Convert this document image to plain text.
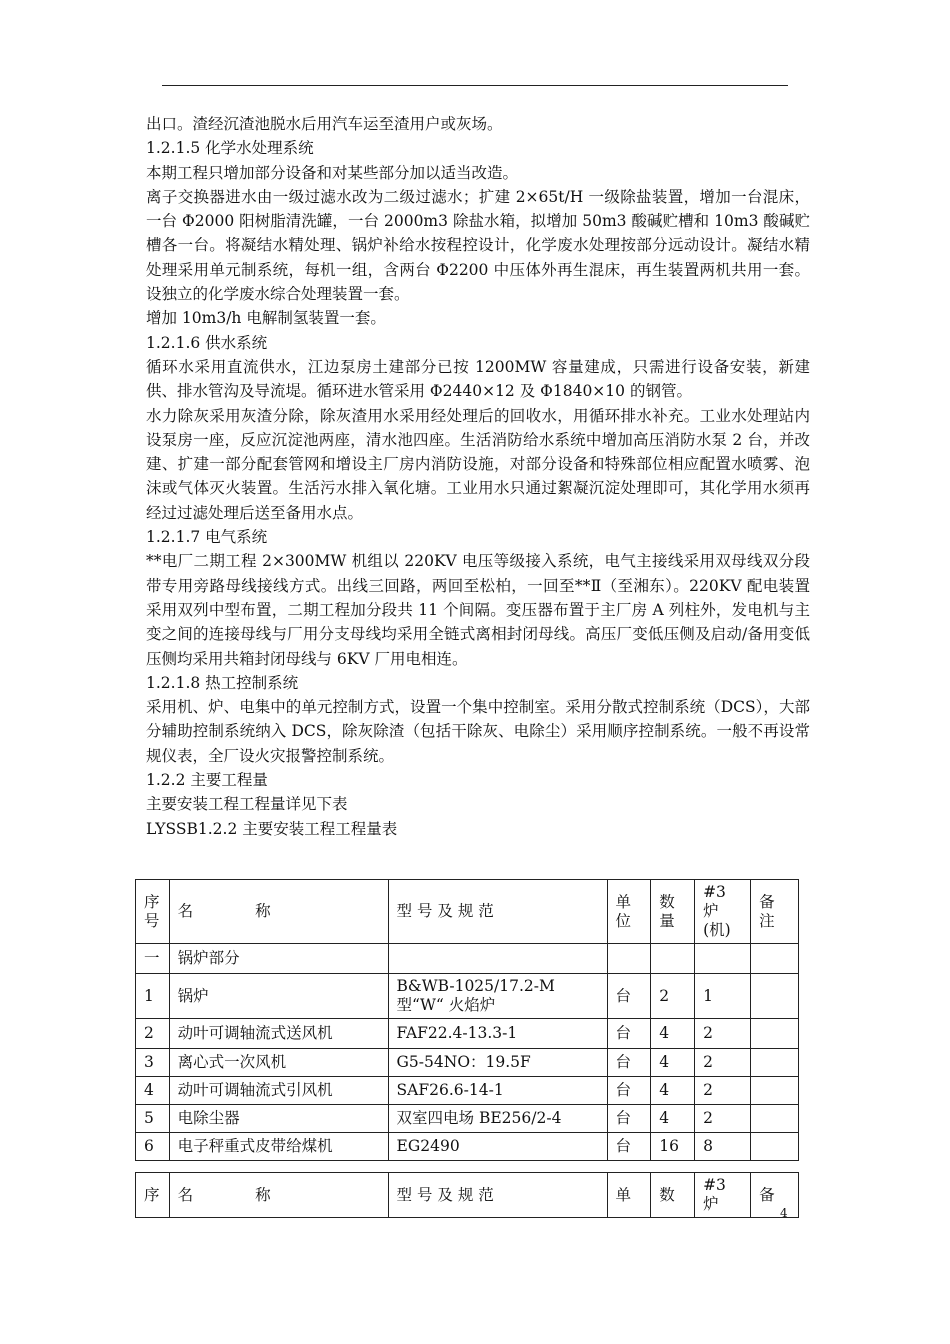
出口。渣经沉渣池脱水后用汽车运至渣用户或灰场。

1.2.1.5 化学水处理系统

本期工程只增加部分设备和对某些部分加以适当改造。

离子交换器进水由一级过滤水改为二级过滤水；扩建 2×65t/H 一级除盐装置，增加一台混床，一台 Φ2000 阳树脂清洗罐，一台 2000m3 除盐水箱，拟增加 50m3 酸碱贮槽和 10m3 酸碱贮槽各一台。将凝结水精处理、锅炉补给水按程控设计，化学废水处理按部分远动设计。凝结水精处理采用单元制系统，每机一组，含两台 Φ2200 中压体外再生混床，再生装置两机共用一套。设独立的化学废水综合处理装置一套。

增加 10m3/h 电解制氢装置一套。

1.2.1.6 供水系统

循环水采用直流供水，江边泵房土建部分已按 1200MW 容量建成，只需进行设备安装，新建供、排水管沟及导流堤。循环进水管采用 Φ2440×12 及 Φ1840×10 的钢管。

水力除灰采用灰渣分除，除灰渣用水采用经处理后的回收水，用循环排水补充。工业水处理站内设泵房一座，反应沉淀池两座，清水池四座。生活消防给水系统中增加高压消防水泵 2 台，并改建、扩建一部分配套管网和增设主厂房内消防设施，对部分设备和特殊部位相应配置水喷雾、泡沫或气体灭火装置。生活污水排入氧化塘。工业用水只通过絮凝沉淀处理即可，其化学用水须再经过过滤处理后送至备用水点。

1.2.1.7 电气系统

**电厂二期工程 2×300MW 机组以 220KV 电压等级接入系统，电气主接线采用双母线双分段带专用旁路母线接线方式。出线三回路，两回至松柏，一回至**Ⅱ（至湘东）。220KV 配电装置采用双列中型布置，二期工程加分段共 11 个间隔。变压器布置于主厂房 A 列柱外，发电机与主变之间的连接母线与厂用分支母线均采用全链式离相封闭母线。高压厂变低压侧及启动/备用变低压侧均采用共箱封闭母线与 6KV 厂用电相连。

1.2.1.8 热工控制系统

采用机、炉、电集中的单元控制方式，设置一个集中控制室。采用分散式控制系统（DCS），大部分辅助控制系统纳入 DCS，除灰除渣（包括干除灰、电除尘）采用顺序控制系统。一般不再设常规仪表，全厂设火灾报警控制系统。

1.2.2 主要工程量

主要安装工程工程量详见下表

LYSSB1.2.2 主要安装工程工程量表

序号	名　　　　称	型 号 及 规 范	单位	数量	#3 炉(机)	备注
一	锅炉部分					
1	锅炉	B&WB-1025/17.2-M 型“W“ 火焰炉	台	2	1	
2	动叶可调轴流式送风机	FAF22.4-13.3-1	台	4	2	
3	离心式一次风机	G5-54NO：19.5F	台	4	2	
4	动叶可调轴流式引风机	SAF26.6-14-1	台	4	2	
5	电除尘器	双室四电场 BE256/2-4	台	4	2	
6	电子秤重式皮带给煤机	EG2490	台	16	8	
序	名　　　　称	型 号 及 规 范	单	数	#3 炉	备
4
